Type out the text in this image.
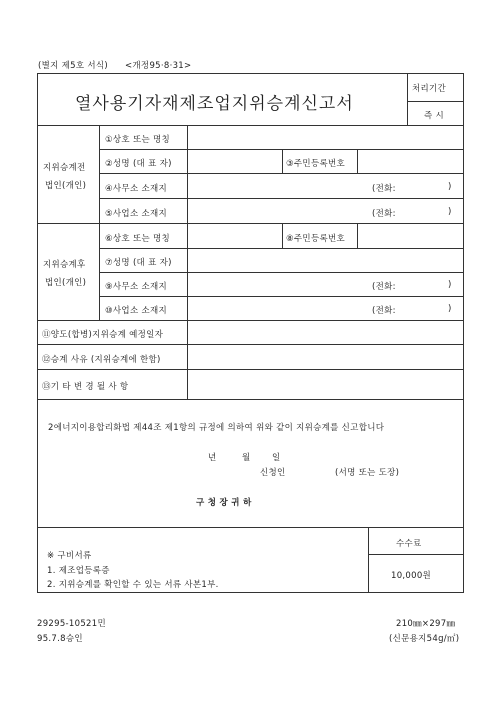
(별지 제5호 서식) <개정95·8·31>
열사용기자재제조업지위승계신고서
처리기간
즉 시
지위승계전
법인(개인)
①상호 또는 명칭
②성명 (대 표 자)	③주민등록번호
④사무소 소재지	(전화:	)
⑤사업소 소재지	(전화:	)
지위승계후
법인(개인)
⑥상호 또는 명칭	⑧주민등록번호
⑦성명 (대 표 자)
⑨사무소 소재지	(전화:	)
⑩사업소 소재지	(전화:	)
⑪양도(합병)지위승계 예정일자
⑫승계 사유 (지위승계에 한함)
⑬기 타 변 경 될 사 항
2에너지이용합리화법 제44조 제1항의 규정에 의하여 위와 같이 지위승계를 신고합니다
년	월	일
신청인	(서명 또는 도장)
구 청 장 귀 하
※ 구비서류
1. 제조업등록증
2. 지위승계를 확인할 수 있는 서류 사본1부.
수수료
10,000원
29295-10521민
95.7.8승인
210㎜×297㎜
(신문용지54g/㎡)
